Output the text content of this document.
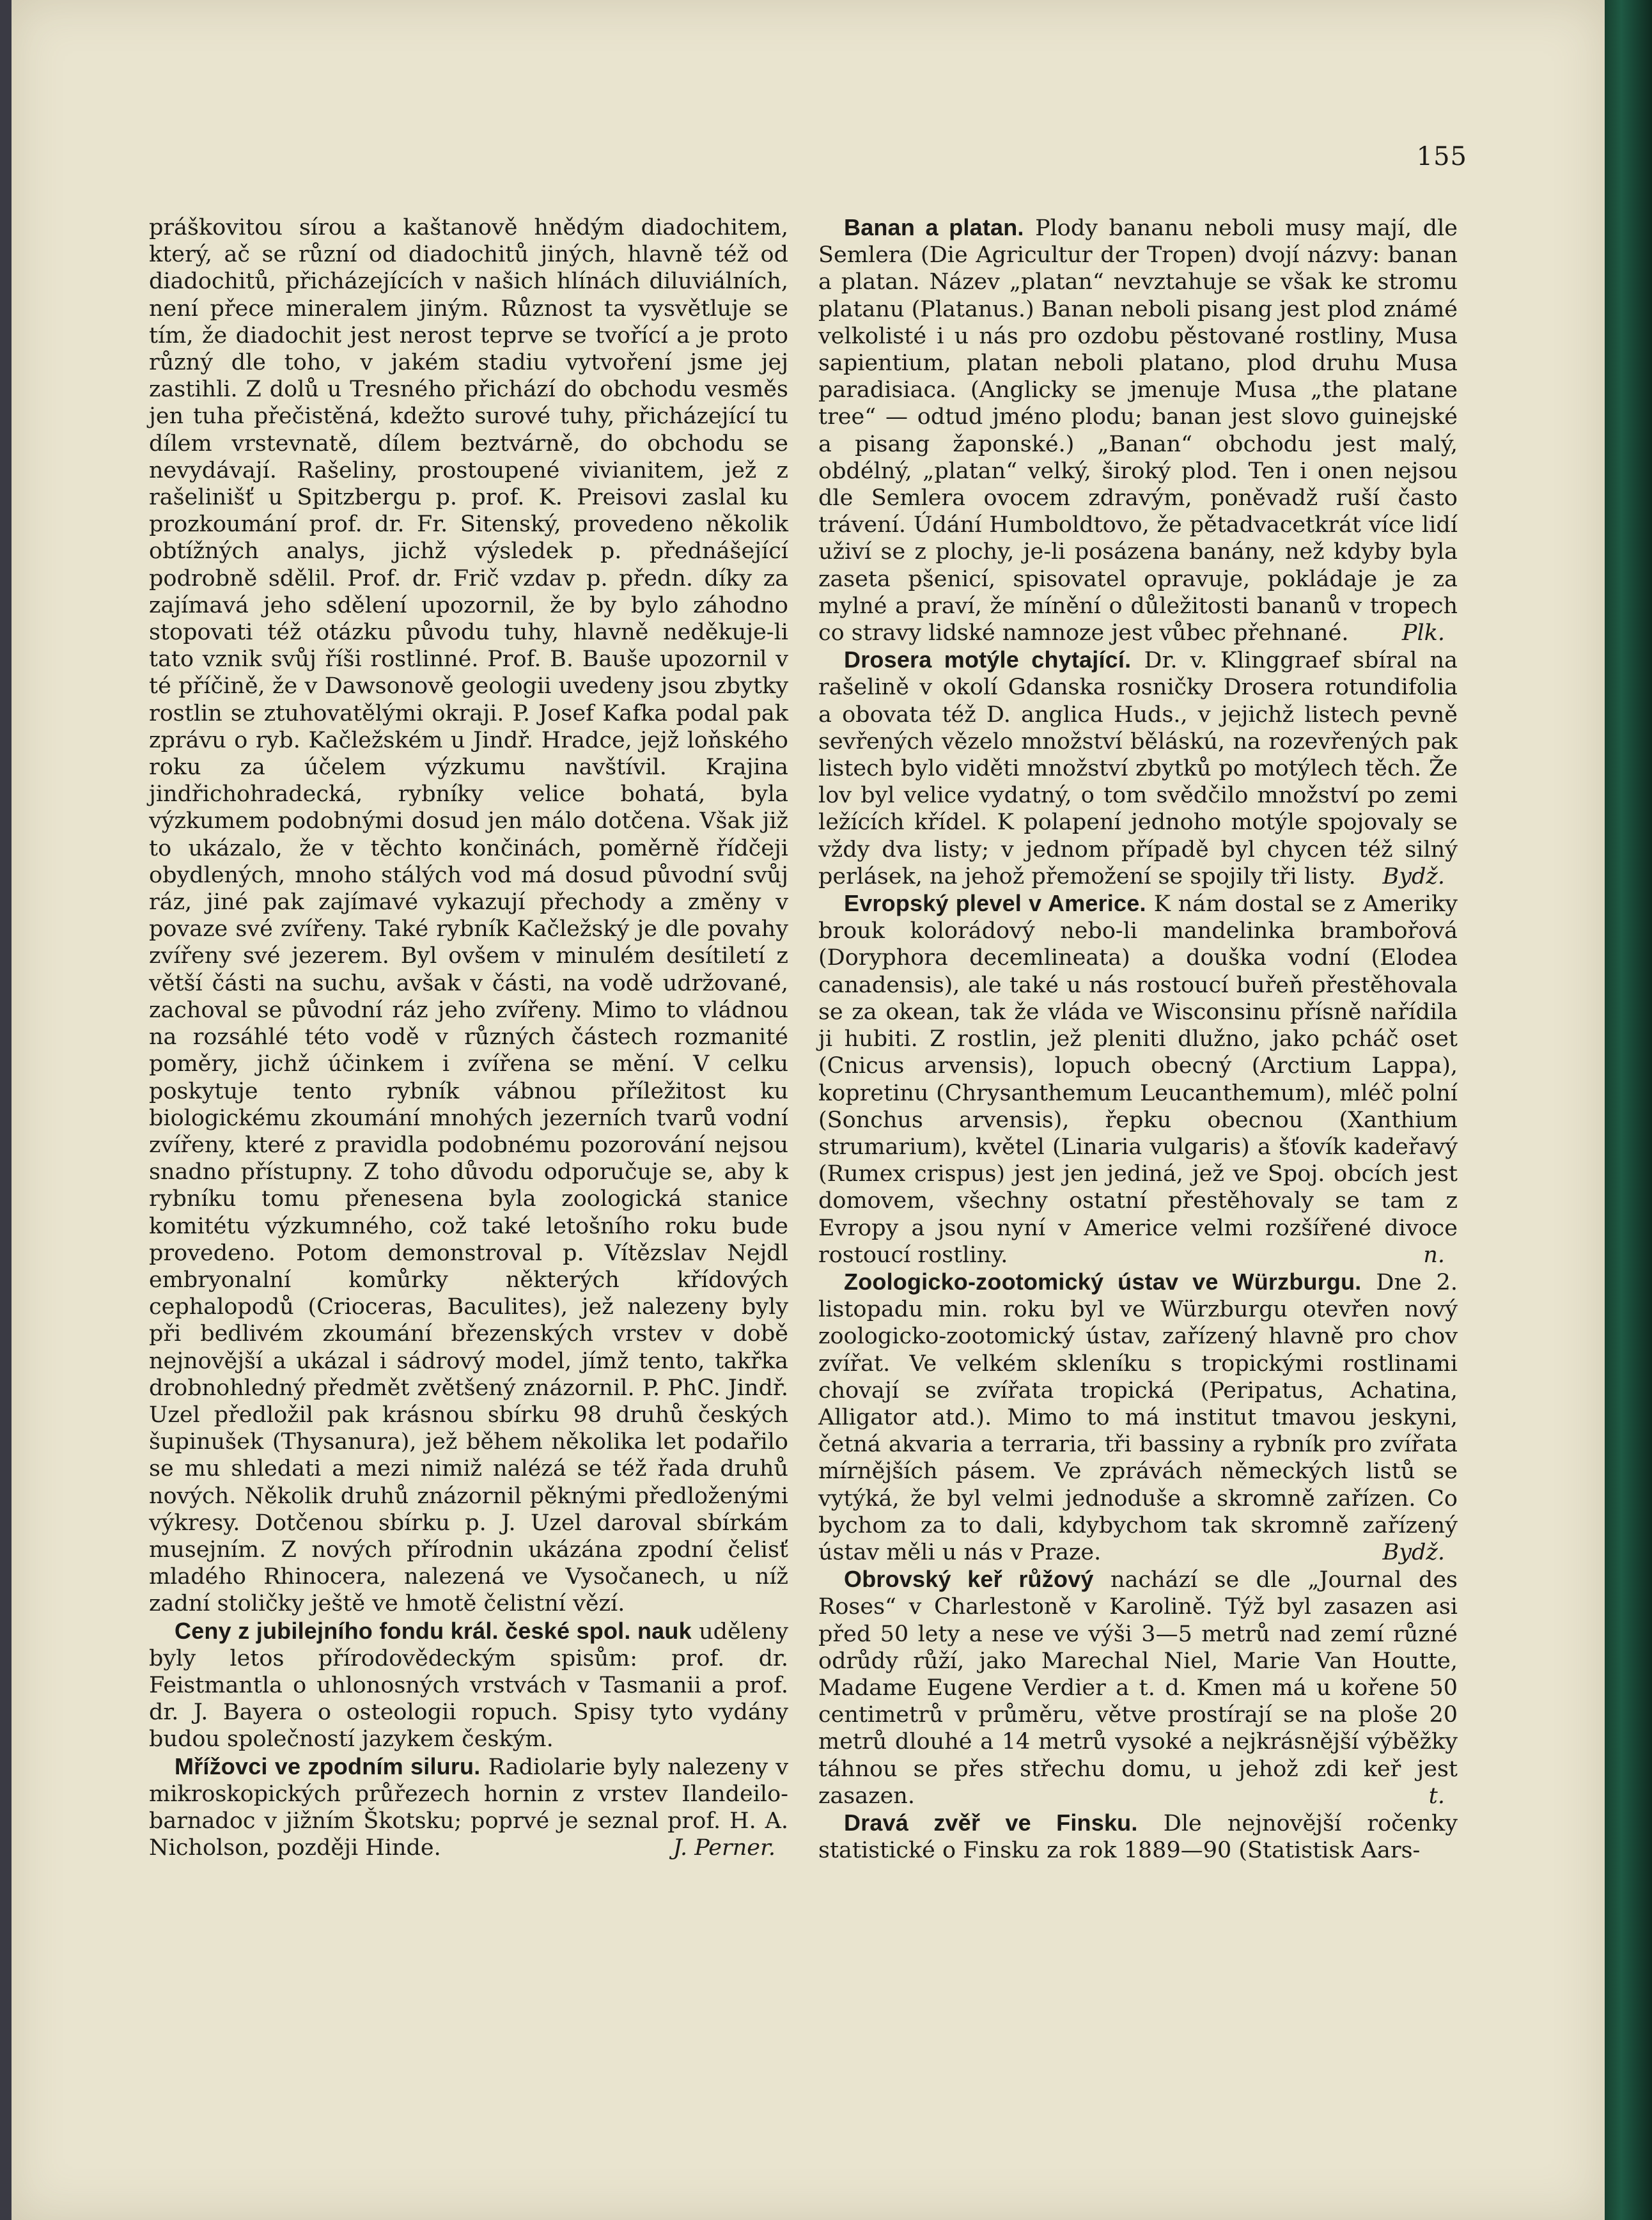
155

práškovitou sírou a kaštanově hnědým diadochitem, který, ač se různí od diadochitů jiných, hlavně též od diadochitů, přicházejících v našich hlínách diluviálních, není přece mineralem jiným. Různost ta vysvětluje se tím, že diadochit jest nerost teprve se tvořící a je proto různý dle toho, v jakém stadiu vytvoření jsme jej zastihli. Z dolů u Tresného přichází do obchodu vesměs jen tuha přečistěná, kdežto surové tuhy, přicházející tu dílem vrstevnatě, dílem beztvárně, do obchodu se nevydávají. Rašeliny, prostoupené vivianitem, jež z rašelinišť u Spitzbergu p. prof. K. Preisovi zaslal ku prozkoumání prof. dr. Fr. Sitenský, provedeno několik obtížných analys, jichž výsledek p. přednášející podrobně sdělil. Prof. dr. Frič vzdav p. předn. díky za zajímavá jeho sdělení upozornil, že by bylo záhodno stopovati též otázku původu tuhy, hlavně neděkuje-li tato vznik svůj říši rostlinné. Prof. B. Bauše upozornil v té příčině, že v Dawsonově geologii uvedeny jsou zbytky rostlin se ztuhovatělými okraji. P. Josef Kafka podal pak zprávu o ryb. Kačležském u Jindř. Hradce, jejž loňského roku za účelem výzkumu navštívil. Krajina jindřichohradecká, rybníky velice bohatá, byla výzkumem podobnými dosud jen málo dotčena. Však již to ukázalo, že v těchto končinách, poměrně řídčeji obydlených, mnoho stálých vod má dosud původní svůj ráz, jiné pak zajímavé vykazují přechody a změny v povaze své zvířeny. Také rybník Kačležský je dle povahy zvířeny své jezerem. Byl ovšem v minulém desítiletí z větší části na suchu, avšak v části, na vodě udržované, zachoval se původní ráz jeho zvířeny. Mimo to vládnou na rozsáhlé této vodě v různých částech rozmanité poměry, jichž účinkem i zvířena se mění. V celku poskytuje tento rybník vábnou příležitost ku biologickému zkoumání mnohých jezerních tvarů vodní zvířeny, které z pravidla podobnému pozorování nejsou snadno přístupny. Z toho důvodu odporučuje se, aby k rybníku tomu přenesena byla zoologická stanice komitétu výzkumného, což také letošního roku bude provedeno. Potom demonstroval p. Vítězslav Nejdl embryonalní komůrky některých křídových cephalopodů (Crioceras, Baculites), jež nalezeny byly při bedlivém zkoumání březenských vrstev v době nejnovější a ukázal i sádrový model, jímž tento, takřka drobnohledný předmět zvětšený znázornil. P. PhC. Jindř. Uzel předložil pak krásnou sbírku 98 druhů českých šupinušek (Thysanura), jež během několika let podařilo se mu shledati a mezi nimiž nalézá se též řada druhů nových. Několik druhů znázornil pěknými předloženými výkresy. Dotčenou sbírku p. J. Uzel daroval sbírkám musejním. Z nových přírodnin ukázána zpodní čelisť mladého Rhinocera, nalezená ve Vysočanech, u níž zadní stoličky ještě ve hmotě čelistní vězí.

Ceny z jubilejního fondu král. české spol. nauk uděleny byly letos přírodovědeckým spisům: prof. dr. Feistmantla o uhlonosných vrstvách v Tasmanii a prof. dr. J. Bayera o osteologii ropuch. Spisy tyto vydány budou společností jazykem českým.

Mřížovci ve zpodním siluru. Radiolarie byly nalezeny v mikroskopických průřezech hornin z vrstev Ilandeilo-barnadoc v jižním Škotsku; poprvé je seznal prof. H. A. Nicholson, později Hinde.	J. Perner.

Banan a platan. Plody bananu neboli musy mají, dle Semlera (Die Agricultur der Tropen) dvojí názvy: banan a platan. Název „platan“ nevztahuje se však ke stromu platanu (Platanus.) Banan neboli pisang jest plod známé velkolisté i u nás pro ozdobu pěstované rostliny, Musa sapientium, platan neboli platano, plod druhu Musa paradisiaca. (Anglicky se jmenuje Musa „the platane tree“ — odtud jméno plodu; banan jest slovo guinejské a pisang žaponské.) „Banan“ obchodu jest malý, obdélný, „platan“ velký, široký plod. Ten i onen nejsou dle Semlera ovocem zdravým, poněvadž ruší často trávení. Údání Humboldtovo, že pětadvacetkrát více lidí uživí se z plochy, je-li posázena banány, než kdyby byla zaseta pšenicí, spisovatel opravuje, pokládaje je za mylné a praví, že mínění o důležitosti bananů v tropech co stravy lidské namnoze jest vůbec přehnané.	Plk.

Drosera motýle chytající. Dr. v. Klinggraef sbíral na rašelině v okolí Gdanska rosničky Drosera rotundifolia a obovata též D. anglica Huds., v jejichž listech pevně sevřených vězelo množství běláskú, na rozevřených pak listech bylo viděti množství zbytků po motýlech těch. Že lov byl velice vydatný, o tom svědčilo množství po zemi ležících křídel. K polapení jednoho motýle spojovaly se vždy dva listy; v jednom případě byl chycen též silný perlásek, na jehož přemožení se spojily tři listy.	Bydž.

Evropský plevel v Americe. K nám dostal se z Ameriky brouk kolorádový nebo-li mandelinka brambořová (Doryphora decemlineata) a douška vodní (Elodea canadensis), ale také u nás rostoucí buřeň přestěhovala se za okean, tak že vláda ve Wisconsinu přísně nařídila ji hubiti. Z rostlin, jež pleniti dlužno, jako pcháč oset (Cnicus arvensis), lopuch obecný (Arctium Lappa), kopretinu (Chrysanthemum Leucanthemum), mléč polní (Sonchus arvensis), řepku obecnou (Xanthium strumarium), květel (Linaria vulgaris) a šťovík kadeřavý (Rumex crispus) jest jen jediná, jež ve Spoj. obcích jest domovem, všechny ostatní přestěhovaly se tam z Evropy a jsou nyní v Americe velmi rozšířené divoce rostoucí rostliny.	n.

Zoologicko-zootomický ústav ve Würzburgu. Dne 2. listopadu min. roku byl ve Würzburgu otevřen nový zoologicko-zootomický ústav, zařízený hlavně pro chov zvířat. Ve velkém skleníku s tropickými rostlinami chovají se zvířata tropická (Peripatus, Achatina, Alligator atd.). Mimo to má institut tmavou jeskyni, četná akvaria a terraria, tři bassiny a rybník pro zvířata mírnějších pásem. Ve zprávách německých listů se vytýká, že byl velmi jednoduše a skromně zařízen. Co bychom za to dali, kdybychom tak skromně zařízený ústav měli u nás v Praze.	Bydž.

Obrovský keř růžový nachází se dle „Journal des Roses“ v Charlestoně v Karolině. Týž byl zasazen asi před 50 lety a nese ve výši 3—5 metrů nad zemí různé odrůdy růží, jako Marechal Niel, Marie Van Houtte, Madame Eugene Verdier a t. d. Kmen má u kořene 50 centimetrů v průměru, větve prostírají se na ploše 20 metrů dlouhé a 14 metrů vysoké a nejkrásnější výběžky táhnou se přes střechu domu, u jehož zdi keř jest zasazen.	t.

Dravá zvěř ve Finsku. Dle nejnovější ročenky statistické o Finsku za rok 1889—90 (Statistisk Aars-
